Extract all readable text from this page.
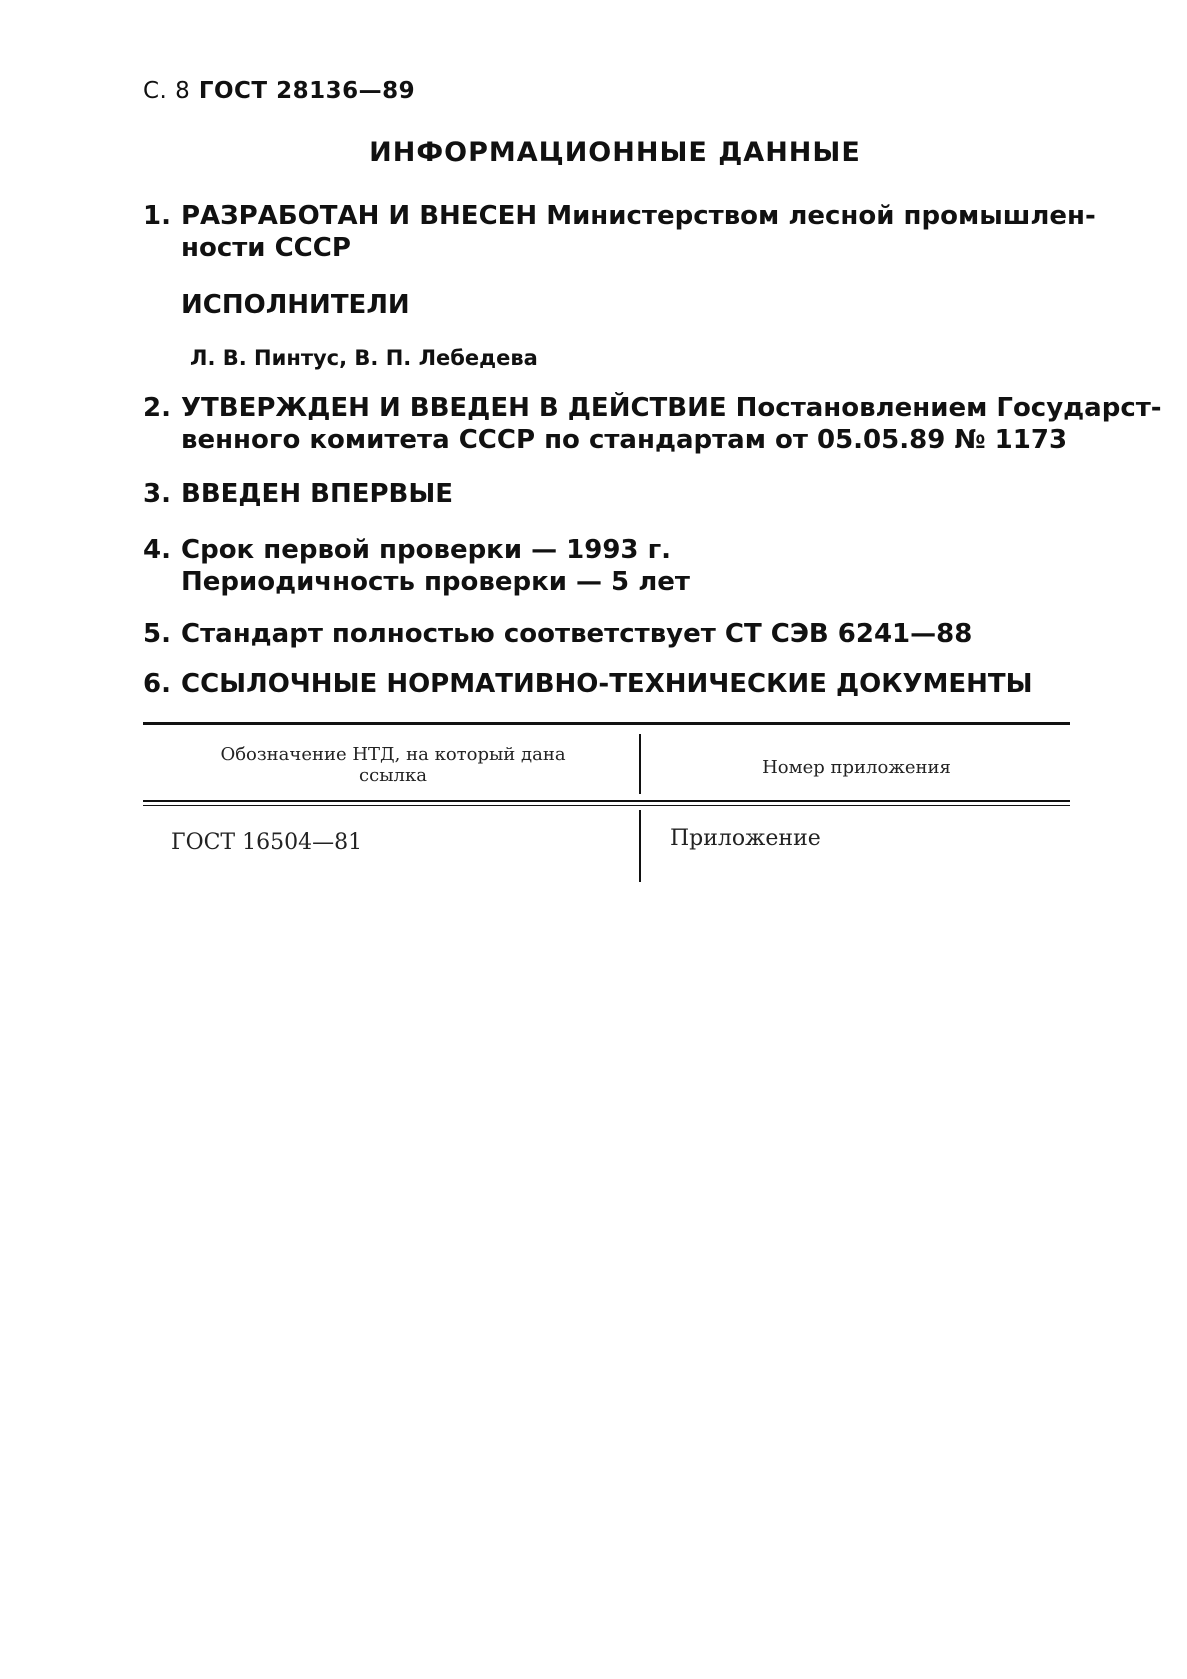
С. 8 ГОСТ 28136—89
ИНФОРМАЦИОННЫЕ ДАННЫЕ
1. РАЗРАБОТАН И ВНЕСЕН Министерством лесной промышлен-
ности СССР
ИСПОЛНИТЕЛИ
Л. В. Пинтус, В. П. Лебедева
2. УТВЕРЖДЕН И ВВЕДЕН В ДЕЙСТВИЕ Постановлением Государст-
венного комитета СССР по стандартам от 05.05.89 № 1173
3. ВВЕДЕН ВПЕРВЫЕ
4. Срок первой проверки — 1993 г.
Периодичность проверки — 5 лет
5. Стандарт полностью соответствует СТ СЭВ 6241—88
6. ССЫЛОЧНЫЕ НОРМАТИВНО-ТЕХНИЧЕСКИЕ ДОКУМЕНТЫ
Обозначение НТД, на который дана ссылка	Номер приложения
ГОСТ 16504—81	Приложение
